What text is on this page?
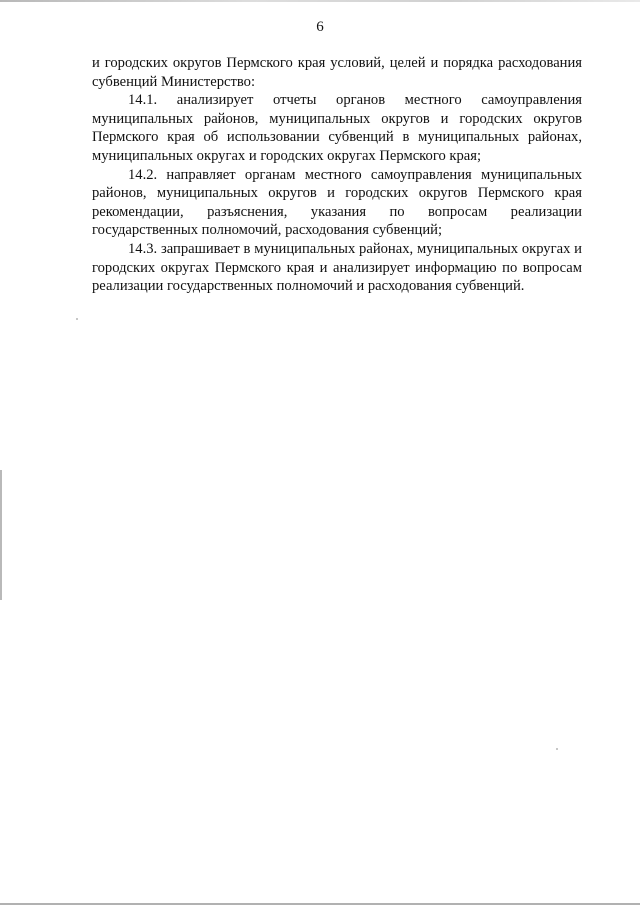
6

и городских округов Пермского края условий, целей и порядка расходования субвенций Министерство:

14.1. анализирует отчеты органов местного самоуправления муниципальных районов, муниципальных округов и городских округов Пермского края об использовании субвенций в муниципальных районах, муниципальных округах и городских округах Пермского края;

14.2. направляет органам местного самоуправления муниципальных районов, муниципальных округов и городских округов Пермского края рекомендации, разъяснения, указания по вопросам реализации государственных полномочий, расходования субвенций;

14.3. запрашивает в муниципальных районах, муниципальных округах и городских округах Пермского края и анализирует информацию по вопросам реализации государственных полномочий и расходования субвенций.
